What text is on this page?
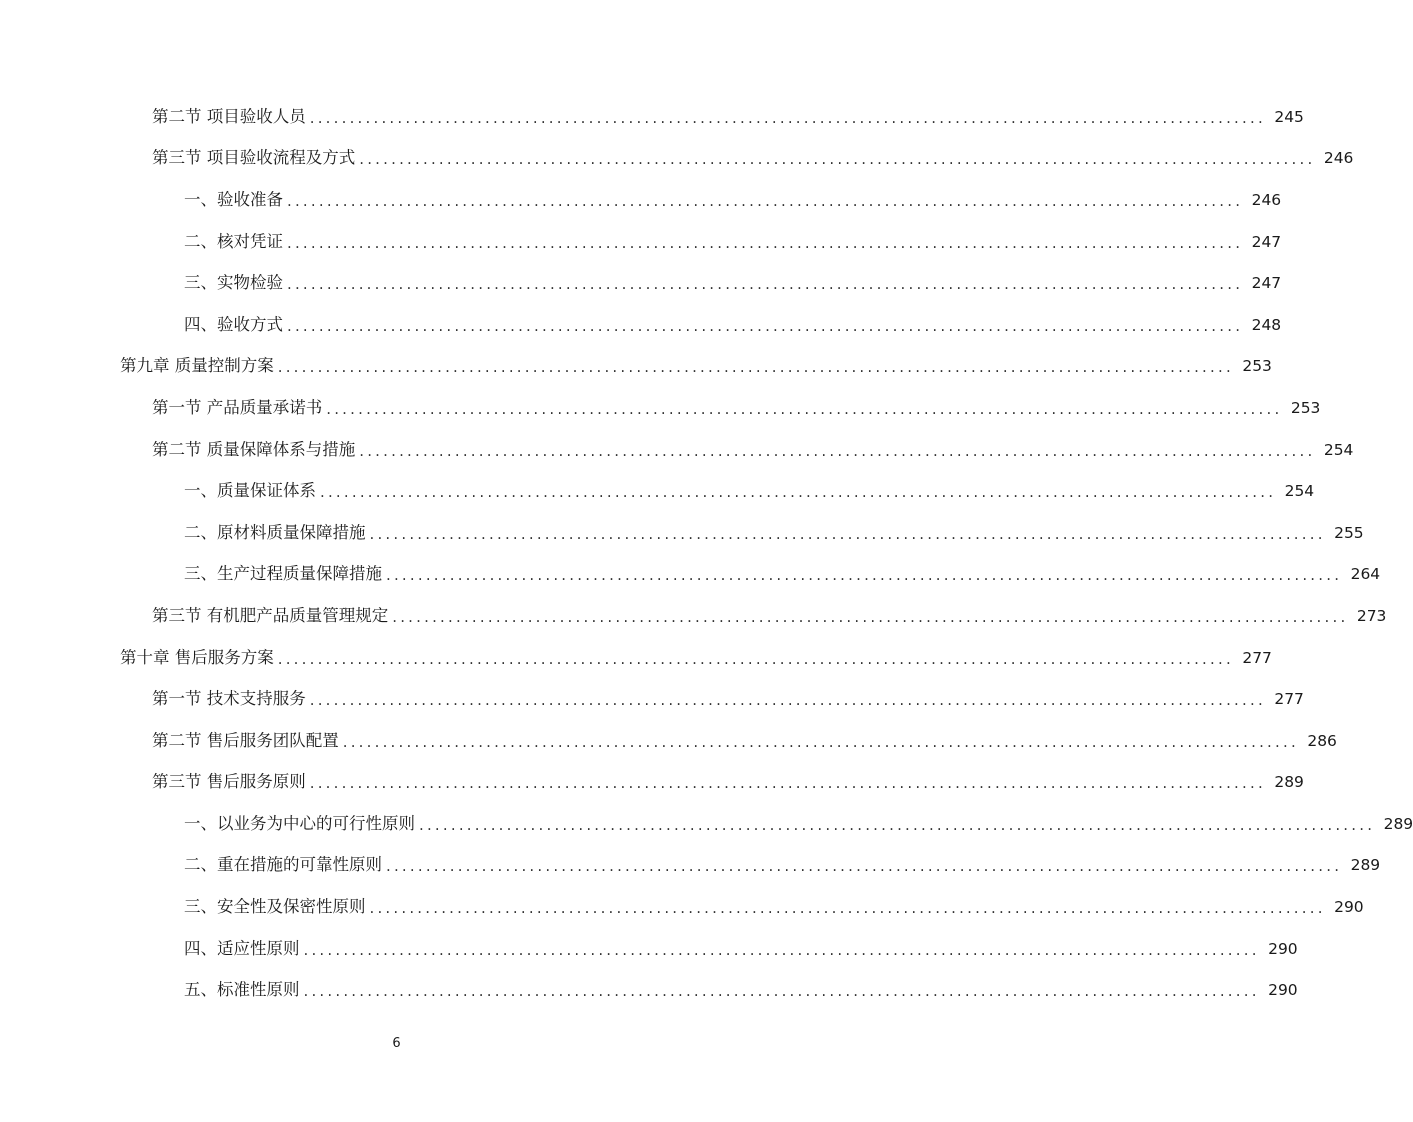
第二节 项目验收人员 ........................................................................................................................ 245
第三节 项目验收流程及方式 ........................................................................................................................ 246
一、验收准备 ........................................................................................................................ 246
二、核对凭证 ........................................................................................................................ 247
三、实物检验 ........................................................................................................................ 247
四、验收方式 ........................................................................................................................ 248
第九章 质量控制方案 ........................................................................................................................ 253
第一节 产品质量承诺书 ........................................................................................................................ 253
第二节 质量保障体系与措施 ........................................................................................................................ 254
一、质量保证体系 ........................................................................................................................ 254
二、原材料质量保障措施 ........................................................................................................................ 255
三、生产过程质量保障措施 ........................................................................................................................ 264
第三节 有机肥产品质量管理规定 ........................................................................................................................ 273
第十章 售后服务方案 ........................................................................................................................ 277
第一节 技术支持服务 ........................................................................................................................ 277
第二节 售后服务团队配置 ........................................................................................................................ 286
第三节 售后服务原则 ........................................................................................................................ 289
一、以业务为中心的可行性原则 ........................................................................................................................ 289
二、重在措施的可靠性原则 ........................................................................................................................ 289
三、安全性及保密性原则 ........................................................................................................................ 290
四、适应性原则 ........................................................................................................................ 290
五、标准性原则 ........................................................................................................................ 290
6
